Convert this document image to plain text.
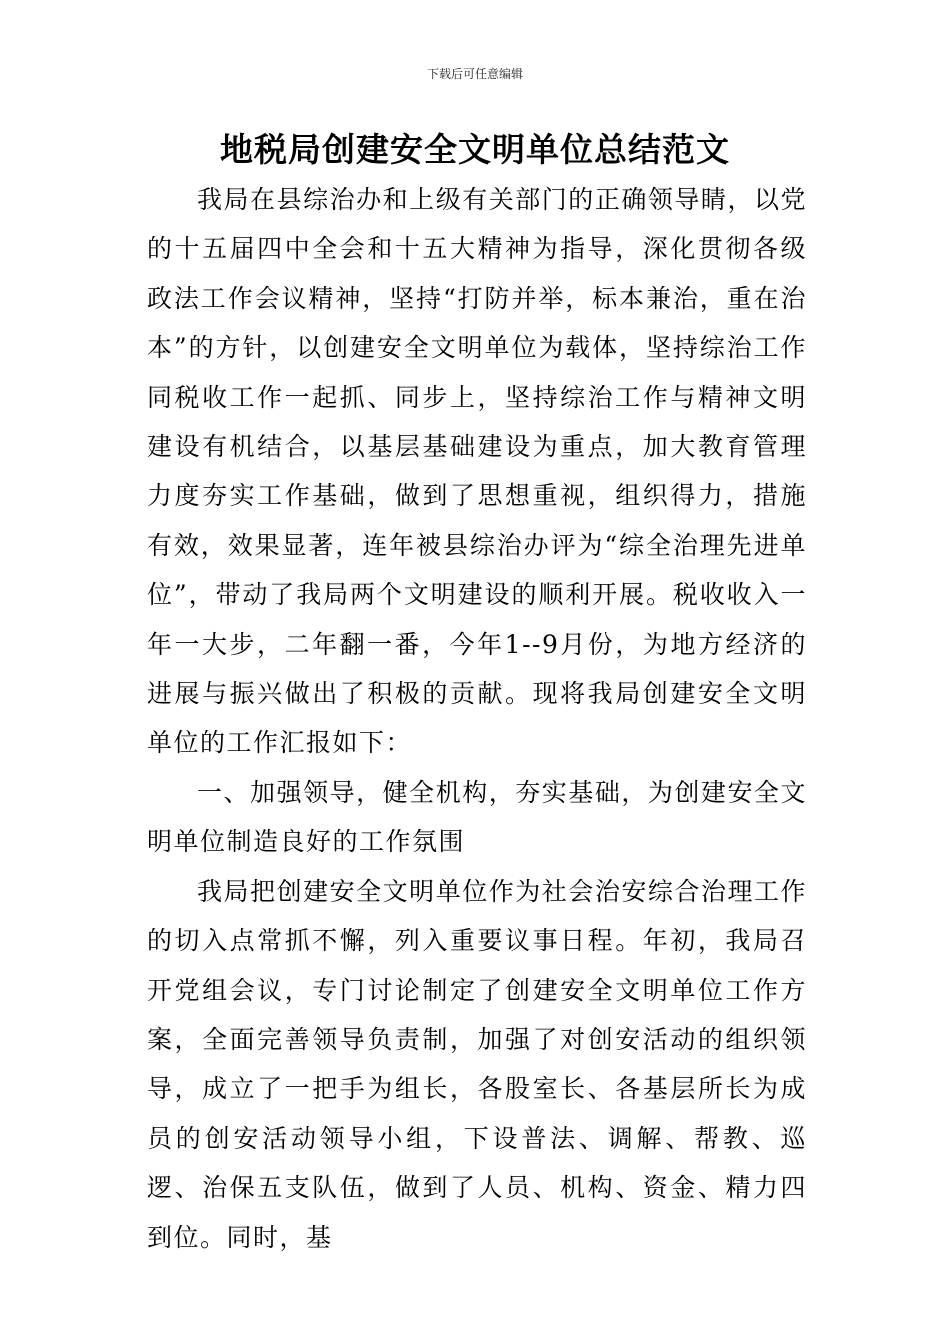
下载后可任意编辑
地税局创建安全文明单位总结范文

我局在县综治办和上级有关部门的正确领导睛，以党的十五届四中全会和十五大精神为指导，深化贯彻各级政法工作会议精神，坚持“打防并举，标本兼治，重在治本”的方针，以创建安全文明单位为载体，坚持综治工作同税收工作一起抓、同步上，坚持综治工作与精神文明建设有机结合，以基层基础建设为重点，加大教育管理力度夯实工作基础，做到了思想重视，组织得力，措施有效，效果显著，连年被县综治办评为“综全治理先进单位”，带动了我局两个文明建设的顺利开展。税收收入一年一大步，二年翻一番，今年1--9月份，为地方经济的进展与振兴做出了积极的贡献。现将我局创建安全文明单位的工作汇报如下：

一、加强领导，健全机构，夯实基础，为创建安全文明单位制造良好的工作氛围

我局把创建安全文明单位作为社会治安综合治理工作的切入点常抓不懈，列入重要议事日程。年初，我局召开党组会议，专门讨论制定了创建安全文明单位工作方案，全面完善领导负责制，加强了对创安活动的组织领导，成立了一把手为组长，各股室长、各基层所长为成员的创安活动领导小组，下设普法、调解、帮教、巡逻、治保五支队伍，做到了人员、机构、资金、精力四到位。同时，基
